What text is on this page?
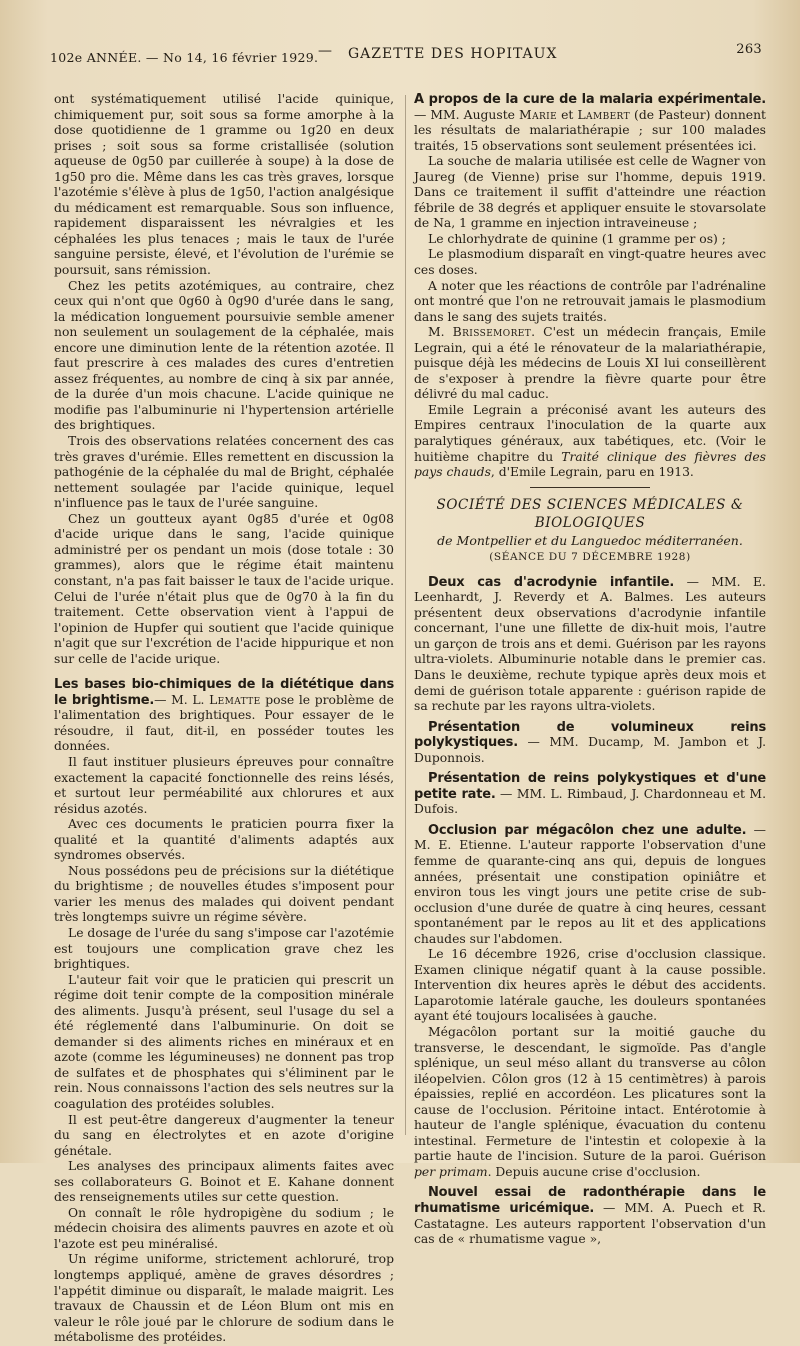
102e ANNÉE. — No 14, 16 février 1929. — GAZETTE DES HOPITAUX	263

ont systématiquement utilisé l'acide quinique, chimiquement pur, soit sous sa forme amorphe à la dose quotidienne de 1 gramme ou 1g20 en deux prises ; soit sous sa forme cristallisée (solution aqueuse de 0g50 par cuillerée à soupe) à la dose de 1g50 pro die. Même dans les cas très graves, lorsque l'azotémie s'élève à plus de 1g50, l'action analgésique du médicament est remarquable. Sous son influence, rapidement disparaissent les névralgies et les céphalées les plus tenaces ; mais le taux de l'urée sanguine persiste, élevé, et l'évolution de l'urémie se poursuit, sans rémission.

Chez les petits azotémiques, au contraire, chez ceux qui n'ont que 0g60 à 0g90 d'urée dans le sang, la médication longuement poursuivie semble amener non seulement un soulagement de la céphalée, mais encore une diminution lente de la rétention azotée. Il faut prescrire à ces malades des cures d'entretien assez fréquentes, au nombre de cinq à six par année, de la durée d'un mois chacune. L'acide quinique ne modifie pas l'albuminurie ni l'hypertension artérielle des brightiques.

Trois des observations relatées concernent des cas très graves d'urémie. Elles remettent en discussion la pathogénie de la céphalée du mal de Bright, céphalée nettement soulagée par l'acide quinique, lequel n'influence pas le taux de l'urée sanguine.

Chez un goutteux ayant 0g85 d'urée et 0g08 d'acide urique dans le sang, l'acide quinique administré per os pendant un mois (dose totale : 30 grammes), alors que le régime était maintenu constant, n'a pas fait baisser le taux de l'acide urique. Celui de l'urée n'était plus que de 0g70 à la fin du traitement. Cette observation vient à l'appui de l'opinion de Hupfer qui soutient que l'acide quinique n'agit que sur l'excrétion de l'acide hippurique et non sur celle de l'acide urique.

Les bases bio-chimiques de la diététique dans le brightisme.— M. L. Lematte pose le problème de l'alimentation des brightiques. Pour essayer de le résoudre, il faut, dit-il, en posséder toutes les données.

Il faut instituer plusieurs épreuves pour connaître exactement la capacité fonctionnelle des reins lésés, et surtout leur perméabilité aux chlorures et aux résidus azotés.

Avec ces documents le praticien pourra fixer la qualité et la quantité d'aliments adaptés aux syndromes observés.

Nous possédons peu de précisions sur la diététique du brightisme ; de nouvelles études s'imposent pour varier les menus des malades qui doivent pendant très longtemps suivre un régime sévère.

Le dosage de l'urée du sang s'impose car l'azotémie est toujours une complication grave chez les brightiques.

L'auteur fait voir que le praticien qui prescrit un régime doit tenir compte de la composition minérale des aliments. Jusqu'à présent, seul l'usage du sel a été réglementé dans l'albuminurie. On doit se demander si des aliments riches en minéraux et en azote (comme les légumineuses) ne donnent pas trop de sulfates et de phosphates qui s'éliminent par le rein. Nous connaissons l'action des sels neutres sur la coagulation des protéides solubles.

Il est peut-être dangereux d'augmenter la teneur du sang en électrolytes et en azote d'origine génétale.

Les analyses des principaux aliments faites avec ses collaborateurs G. Boinot et E. Kahane donnent des renseignements utiles sur cette question.

On connaît le rôle hydropigène du sodium ; le médecin choisira des aliments pauvres en azote et où l'azote est peu minéralisé.

Un régime uniforme, strictement achloruré, trop longtemps appliqué, amène de graves désordres ; l'appétit diminue ou disparaît, le malade maigrit. Les travaux de Chaussin et de Léon Blum ont mis en valeur le rôle joué par le chlorure de sodium dans le métabolisme des protéides.

A propos de la cure de la malaria expérimentale. — MM. Auguste Marie et Lambert (de Pasteur) donnent les résultats de malariathérapie ; sur 100 malades traités, 15 observations sont seulement présentées ici.

La souche de malaria utilisée est celle de Wagner von Jaureg (de Vienne) prise sur l'homme, depuis 1919. Dans ce traitement il suffit d'atteindre une réaction fébrile de 38 degrés et appliquer ensuite le stovarsolate de Na, 1 gramme en injection intraveineuse ;

Le chlorhydrate de quinine (1 gramme per os) ;

Le plasmodium disparaît en vingt-quatre heures avec ces doses.

A noter que les réactions de contrôle par l'adrénaline ont montré que l'on ne retrouvait jamais le plasmodium dans le sang des sujets traités.

M. Brissemoret. C'est un médecin français, Emile Legrain, qui a été le rénovateur de la malariathérapie, puisque déjà les médecins de Louis XI lui conseillèrent de s'exposer à prendre la fièvre quarte pour être délivré du mal caduc.

Emile Legrain a préconisé avant les auteurs des Empires centraux l'inoculation de la quarte aux paralytiques généraux, aux tabétiques, etc. (Voir le huitième chapitre du Traité clinique des fièvres des pays chauds, d'Emile Legrain, paru en 1913.

SOCIÉTÉ DES SCIENCES MÉDICALES & BIOLOGIQUES
de Montpellier et du Languedoc méditerranéen.
(SÉANCE DU 7 DÉCEMBRE 1928)

Deux cas d'acrodynie infantile. — MM. E. Leenhardt, J. Reverdy et A. Balmes. Les auteurs présentent deux observations d'acrodynie infantile concernant, l'une une fillette de dix-huit mois, l'autre un garçon de trois ans et demi. Guérison par les rayons ultra-violets. Albuminurie notable dans le premier cas. Dans le deuxième, rechute typique après deux mois et demi de guérison totale apparente : guérison rapide de sa rechute par les rayons ultra-violets.

Présentation de volumineux reins polykystiques. — MM. Ducamp, M. Jambon et J. Duponnois.

Présentation de reins polykystiques et d'une petite rate. — MM. L. Rimbaud, J. Chardonneau et M. Dufois.

Occlusion par mégacôlon chez une adulte. — M. E. Etienne. L'auteur rapporte l'observation d'une femme de quarante-cinq ans qui, depuis de longues années, présentait une constipation opiniâtre et environ tous les vingt jours une petite crise de sub-occlusion d'une durée de quatre à cinq heures, cessant spontanément par le repos au lit et des applications chaudes sur l'abdomen.

Le 16 décembre 1926, crise d'occlusion classique. Examen clinique négatif quant à la cause possible. Intervention dix heures après le début des accidents. Laparotomie latérale gauche, les douleurs spontanées ayant été toujours localisées à gauche.

Mégacôlon portant sur la moitié gauche du transverse, le descendant, le sigmoïde. Pas d'angle splénique, un seul méso allant du transverse au côlon iléopelvien. Côlon gros (12 à 15 centimètres) à parois épaissies, replié en accordéon. Les plicatures sont la cause de l'occlusion. Péritoine intact. Entérotomie à hauteur de l'angle splénique, évacuation du contenu intestinal. Fermeture de l'intestin et colopexie à la partie haute de l'incision. Suture de la paroi. Guérison per primam. Depuis aucune crise d'occlusion.

Nouvel essai de radonthérapie dans le rhumatisme uricémique. — MM. A. Puech et R. Castatagne. Les auteurs rapportent l'observation d'un cas de « rhumatisme vague »,
